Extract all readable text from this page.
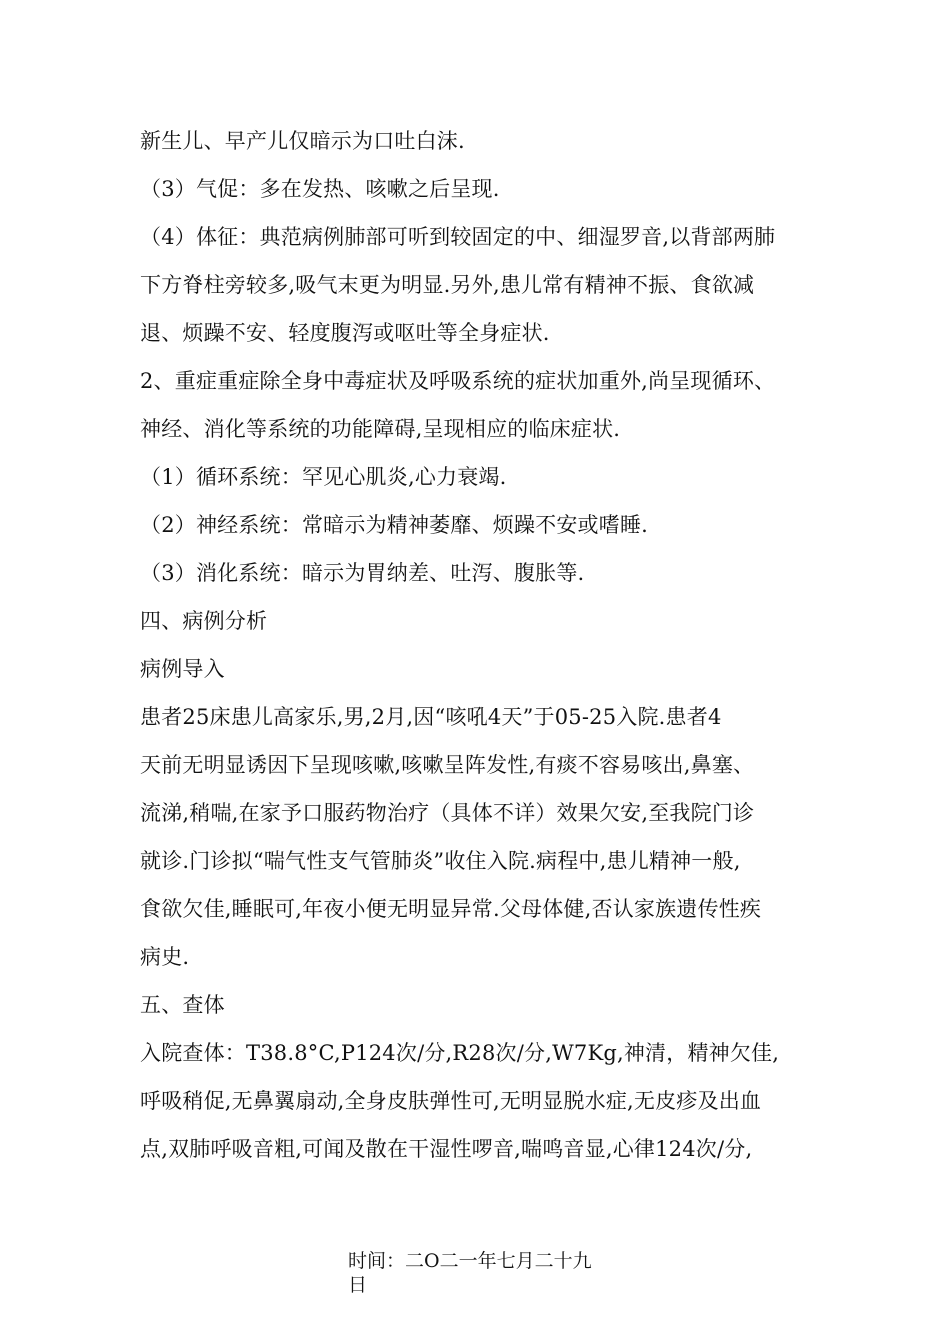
新生儿、早产儿仅暗示为口吐白沫.
（3）气促：多在发热、咳嗽之后呈现.
（4）体征：典范病例肺部可听到较固定的中、细湿罗音,以背部两肺
下方脊柱旁较多,吸气末更为明显.另外,患儿常有精神不振、食欲减
退、烦躁不安、轻度腹泻或呕吐等全身症状.
2、重症重症除全身中毒症状及呼吸系统的症状加重外,尚呈现循环、
神经、消化等系统的功能障碍,呈现相应的临床症状.
（1）循环系统：罕见心肌炎,心力衰竭.
（2）神经系统：常暗示为精神萎靡、烦躁不安或嗜睡.
（3）消化系统：暗示为胃纳差、吐泻、腹胀等.
四、病例分析
病例导入
患者25床患儿高家乐,男,2月,因“咳吼4天”于05-25入院.患者4
天前无明显诱因下呈现咳嗽,咳嗽呈阵发性,有痰不容易咳出,鼻塞、
流涕,稍喘,在家予口服药物治疗（具体不详）效果欠安,至我院门诊
就诊.门诊拟“喘气性支气管肺炎”收住入院.病程中,患儿精神一般,
食欲欠佳,睡眠可,年夜小便无明显异常.父母体健,否认家族遗传性疾
病史.
五、查体
入院查体：T38.8°C,P124次/分,R28次/分,W7Kg,神清，精神欠佳,
呼吸稍促,无鼻翼扇动,全身皮肤弹性可,无明显脱水症,无皮疹及出血
点,双肺呼吸音粗,可闻及散在干湿性啰音,喘鸣音显,心律124次/分,
时间：二O二一年七月二十九
日
